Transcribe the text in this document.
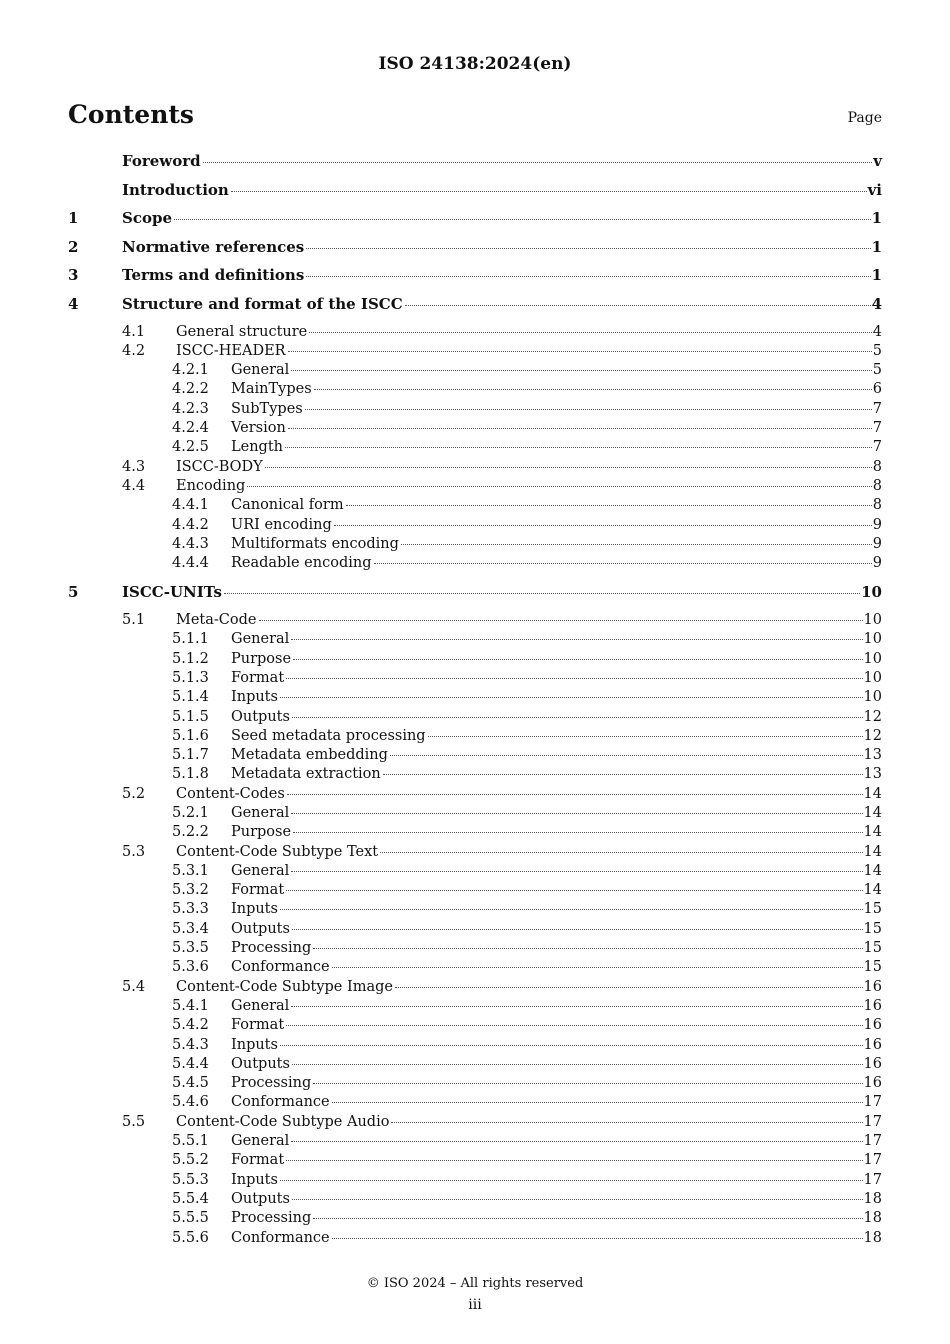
ISO 24138:2024(en)
Contents	Page
Foreword	v
Introduction	vi
1	Scope	1
2	Normative references	1
3	Terms and definitions	1
4	Structure and format of the ISCC	4
4.1	General structure	4
4.2	ISCC-HEADER	5
4.2.1	General	5
4.2.2	MainTypes	6
4.2.3	SubTypes	7
4.2.4	Version	7
4.2.5	Length	7
4.3	ISCC-BODY	8
4.4	Encoding	8
4.4.1	Canonical form	8
4.4.2	URI encoding	9
4.4.3	Multiformats encoding	9
4.4.4	Readable encoding	9
5	ISCC-UNITs	10
5.1	Meta-Code	10
5.1.1	General	10
5.1.2	Purpose	10
5.1.3	Format	10
5.1.4	Inputs	10
5.1.5	Outputs	12
5.1.6	Seed metadata processing	12
5.1.7	Metadata embedding	13
5.1.8	Metadata extraction	13
5.2	Content-Codes	14
5.2.1	General	14
5.2.2	Purpose	14
5.3	Content-Code Subtype Text	14
5.3.1	General	14
5.3.2	Format	14
5.3.3	Inputs	15
5.3.4	Outputs	15
5.3.5	Processing	15
5.3.6	Conformance	15
5.4	Content-Code Subtype Image	16
5.4.1	General	16
5.4.2	Format	16
5.4.3	Inputs	16
5.4.4	Outputs	16
5.4.5	Processing	16
5.4.6	Conformance	17
5.5	Content-Code Subtype Audio	17
5.5.1	General	17
5.5.2	Format	17
5.5.3	Inputs	17
5.5.4	Outputs	18
5.5.5	Processing	18
5.5.6	Conformance	18
© ISO 2024 – All rights reserved
iii
